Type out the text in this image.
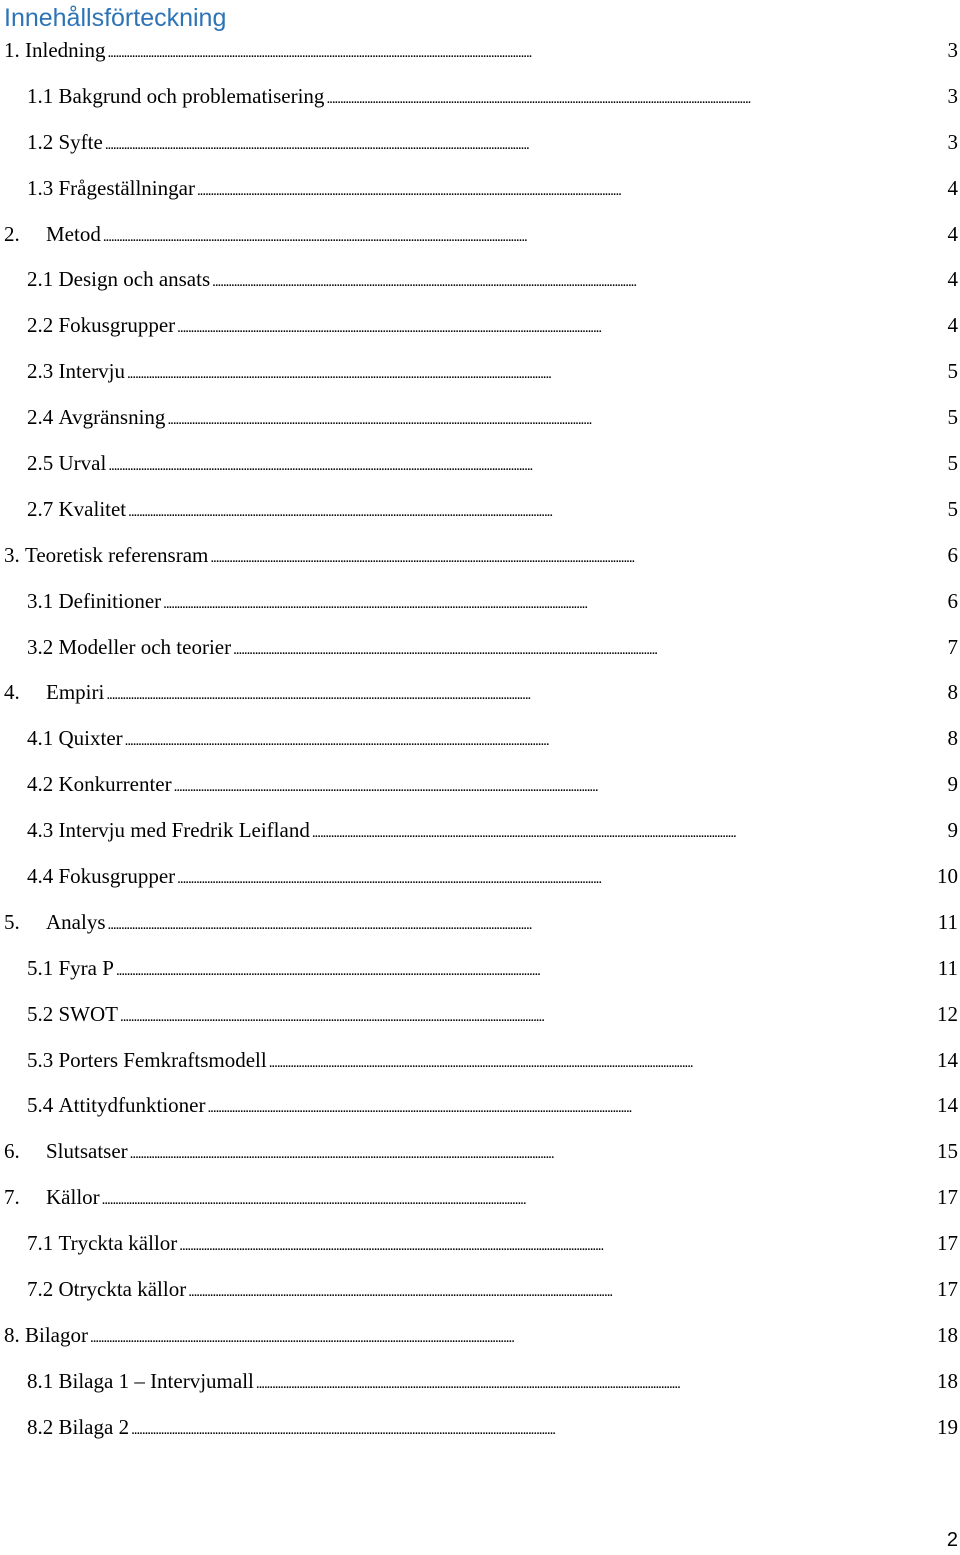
Innehållsförteckning
1. Inledning . . .	3
1.1 Bakgrund och problematisering . . .	3
1.2 Syfte . . .	3
1.3 Frågeställningar . . .	4
2.	Metod . . .	4
2.1 Design och ansats . . .	4
2.2 Fokusgrupper . . .	4
2.3 Intervju . . .	5
2.4 Avgränsning . . .	5
2.5 Urval . . .	5
2.7 Kvalitet . . .	5
3. Teoretisk referensram . . .	6
3.1 Definitioner . . .	6
3.2 Modeller och teorier . . .	7
4.	Empiri . . .	8
4.1 Quixter . . .	8
4.2 Konkurrenter . . .	9
4.3 Intervju med Fredrik Leifland . . .	9
4.4 Fokusgrupper . . .	10
5.	Analys . . .	11
5.1 Fyra P . . .	11
5.2 SWOT . . .	12
5.3 Porters Femkraftsmodell . . .	14
5.4 Attitydfunktioner . . .	14
6.	Slutsatser . . .	15
7.	Källor . . .	17
7.1 Tryckta källor . . .	17
7.2 Otryckta källor . . .	17
8. Bilagor . . .	18
8.1 Bilaga 1 – Intervjumall . . .	18
8.2 Bilaga 2 . . .	19
2
